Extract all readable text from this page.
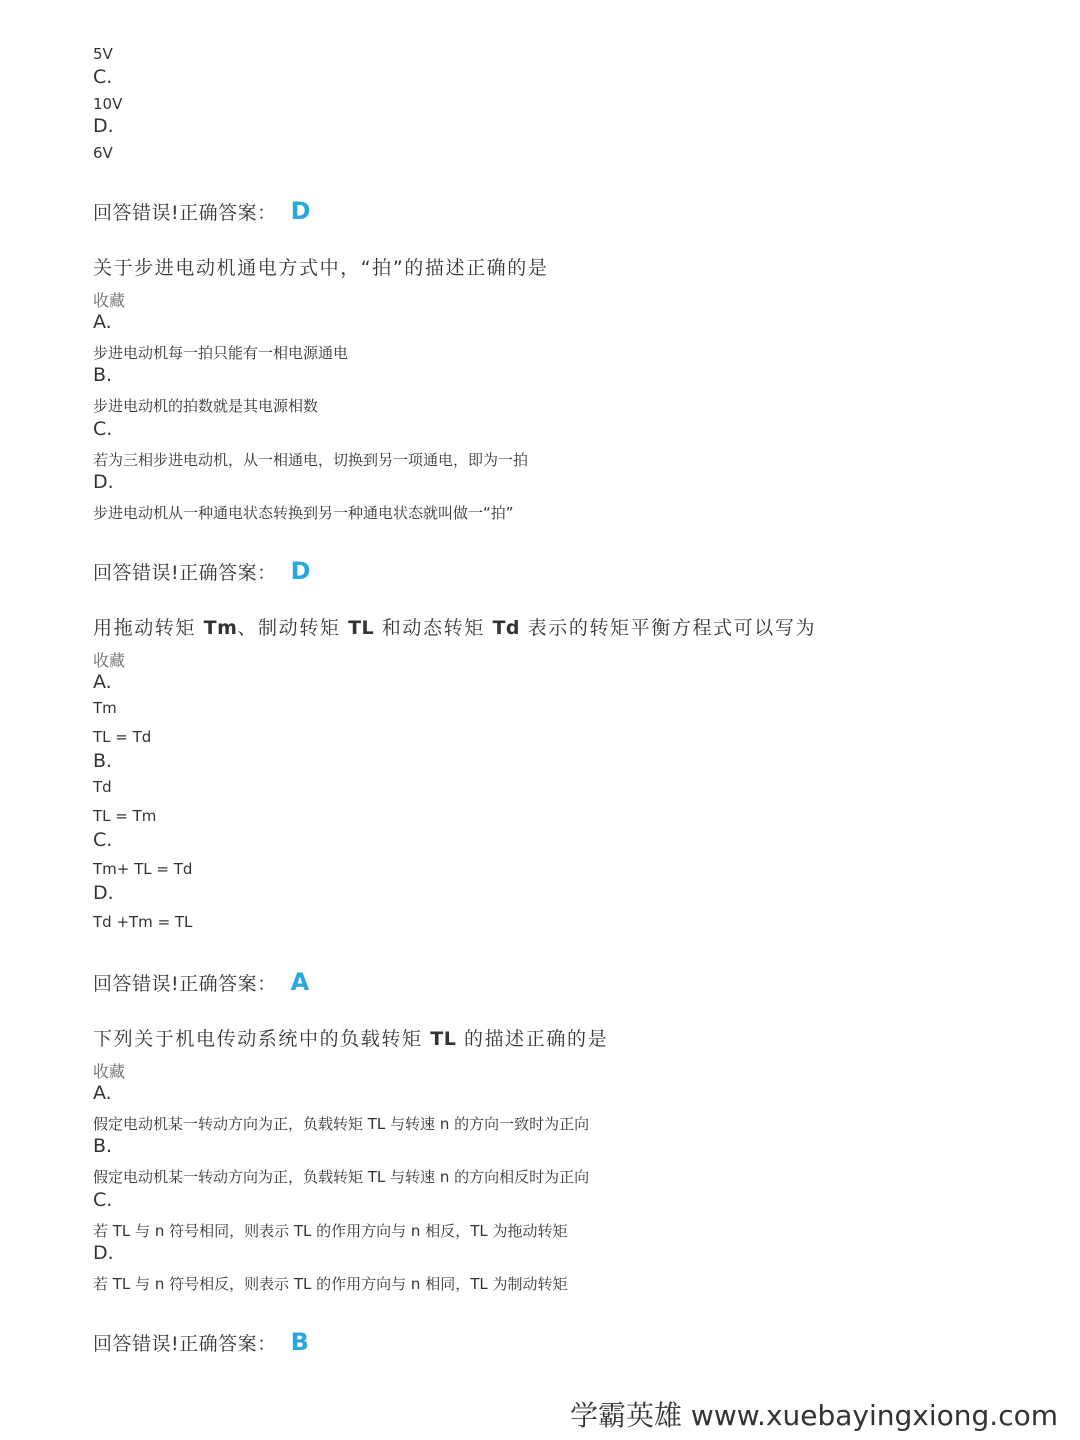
5V
C.
10V
D.
6V
回答错误!正确答案： D
关于步进电动机通电方式中，“拍”的描述正确的是
收藏
A.
步进电动机每一拍只能有一相电源通电
B.
步进电动机的拍数就是其电源相数
C.
若为三相步进电动机，从一相通电，切换到另一项通电，即为一拍
D.
步进电动机从一种通电状态转换到另一种通电状态就叫做一“拍”
回答错误!正确答案： D
用拖动转矩 Tm、制动转矩 TL 和动态转矩 Td 表示的转矩平衡方程式可以写为
收藏
A.
Tm
TL = Td
B.
Td
TL = Tm
C.
Tm+ TL = Td
D.
Td +Tm = TL
回答错误!正确答案： A
下列关于机电传动系统中的负载转矩 TL 的描述正确的是
收藏
A.
假定电动机某一转动方向为正，负载转矩 TL 与转速 n 的方向一致时为正向
B.
假定电动机某一转动方向为正，负载转矩 TL 与转速 n 的方向相反时为正向
C.
若 TL 与 n 符号相同，则表示 TL 的作用方向与 n 相反，TL 为拖动转矩
D.
若 TL 与 n 符号相反，则表示 TL 的作用方向与 n 相同，TL 为制动转矩
回答错误!正确答案： B
学霸英雄 www.xuebayingxiong.com
